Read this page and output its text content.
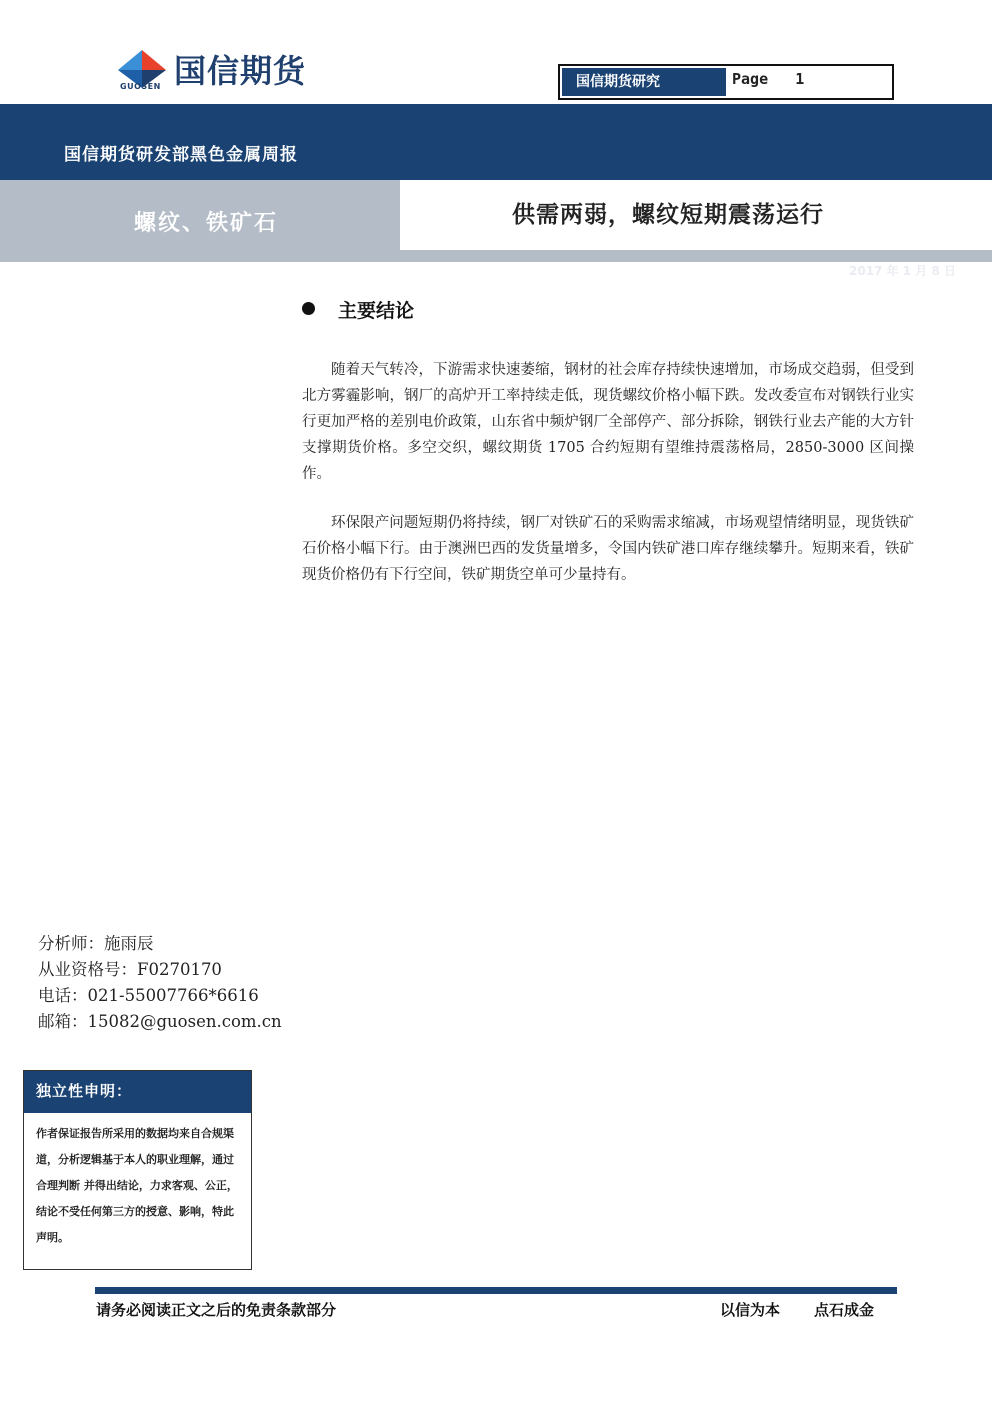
国信期货
GUOSEN	国信期货研究	Page 1
国信期货研发部黑色金属周报
螺纹、铁矿石	供需两弱，螺纹短期震荡运行
2017 年 1 月 8 日
主要结论

随着天气转冷，下游需求快速萎缩，钢材的社会库存持续快速增加，市场成交趋弱，但受到北方雾霾影响，钢厂的高炉开工率持续走低，现货螺纹价格小幅下跌。发改委宣布对钢铁行业实行更加严格的差别电价政策，山东省中频炉钢厂全部停产、部分拆除，钢铁行业去产能的大方针支撑期货价格。多空交织，螺纹期货 1705 合约短期有望维持震荡格局，2850-3000 区间操作。

环保限产问题短期仍将持续，钢厂对铁矿石的采购需求缩减，市场观望情绪明显，现货铁矿石价格小幅下行。由于澳洲巴西的发货量增多，令国内铁矿港口库存继续攀升。短期来看，铁矿现货价格仍有下行空间，铁矿期货空单可少量持有。

分析师：施雨辰
从业资格号：F0270170
电话：021-55007766*6616
邮箱：15082@guosen.com.cn
独立性申明：
作者保证报告所采用的数据均来自合规渠道，分析逻辑基于本人的职业理解，通过合理判断 并得出结论，力求客观、公正，结论不受任何第三方的授意、影响，特此声明。
请务必阅读正文之后的免责条款部分	以信为本 点石成金
